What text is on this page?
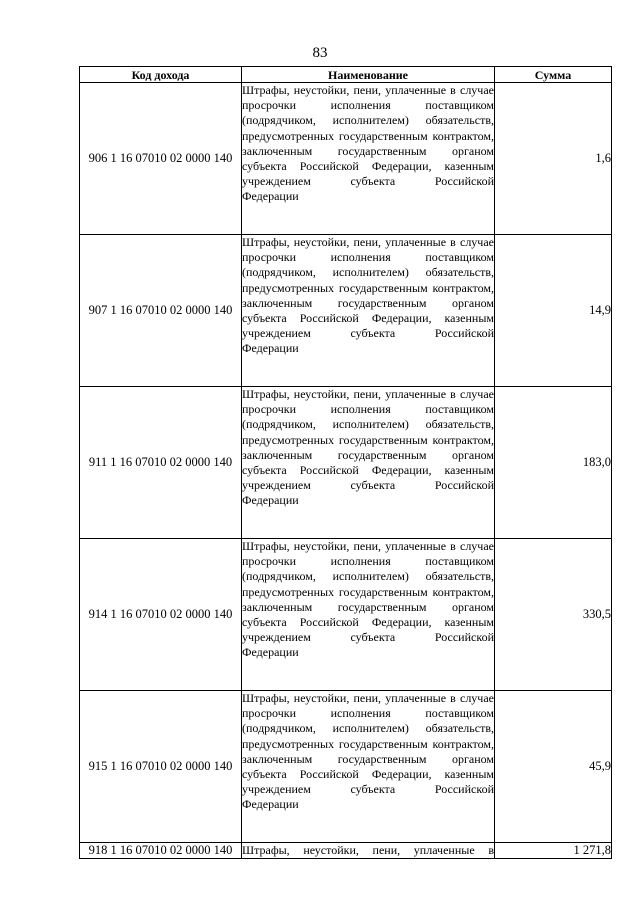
83
Код дохода	Наименование	Сумма
906 1 16 07010 02 0000 140	Штрафы, неустойки, пени, уплаченные в случае просрочки исполнения поставщиком (подрядчиком, исполнителем) обязательств, предусмотренных государственным контрактом, заключенным государственным органом субъекта Российской Федерации, казенным учреждением субъекта Российской
Федерации	1,6
907 1 16 07010 02 0000 140	Штрафы, неустойки, пени, уплаченные в случае просрочки исполнения поставщиком (подрядчиком, исполнителем) обязательств, предусмотренных государственным контрактом, заключенным государственным органом субъекта Российской Федерации, казенным учреждением субъекта Российской
Федерации	14,9
911 1 16 07010 02 0000 140	Штрафы, неустойки, пени, уплаченные в случае просрочки исполнения поставщиком (подрядчиком, исполнителем) обязательств, предусмотренных государственным контрактом, заключенным государственным органом субъекта Российской Федерации, казенным учреждением субъекта Российской
Федерации	183,0
914 1 16 07010 02 0000 140	Штрафы, неустойки, пени, уплаченные в случае просрочки исполнения поставщиком (подрядчиком, исполнителем) обязательств, предусмотренных государственным контрактом, заключенным государственным органом субъекта Российской Федерации, казенным учреждением субъекта Российской
Федерации	330,5
915 1 16 07010 02 0000 140	Штрафы, неустойки, пени, уплаченные в случае просрочки исполнения поставщиком (подрядчиком, исполнителем) обязательств, предусмотренных государственным контрактом, заключенным государственным органом субъекта Российской Федерации, казенным учреждением субъекта Российской
Федерации	45,9
918 1 16 07010 02 0000 140	Штрафы, неустойки, пени, уплаченные в	1 271,8
